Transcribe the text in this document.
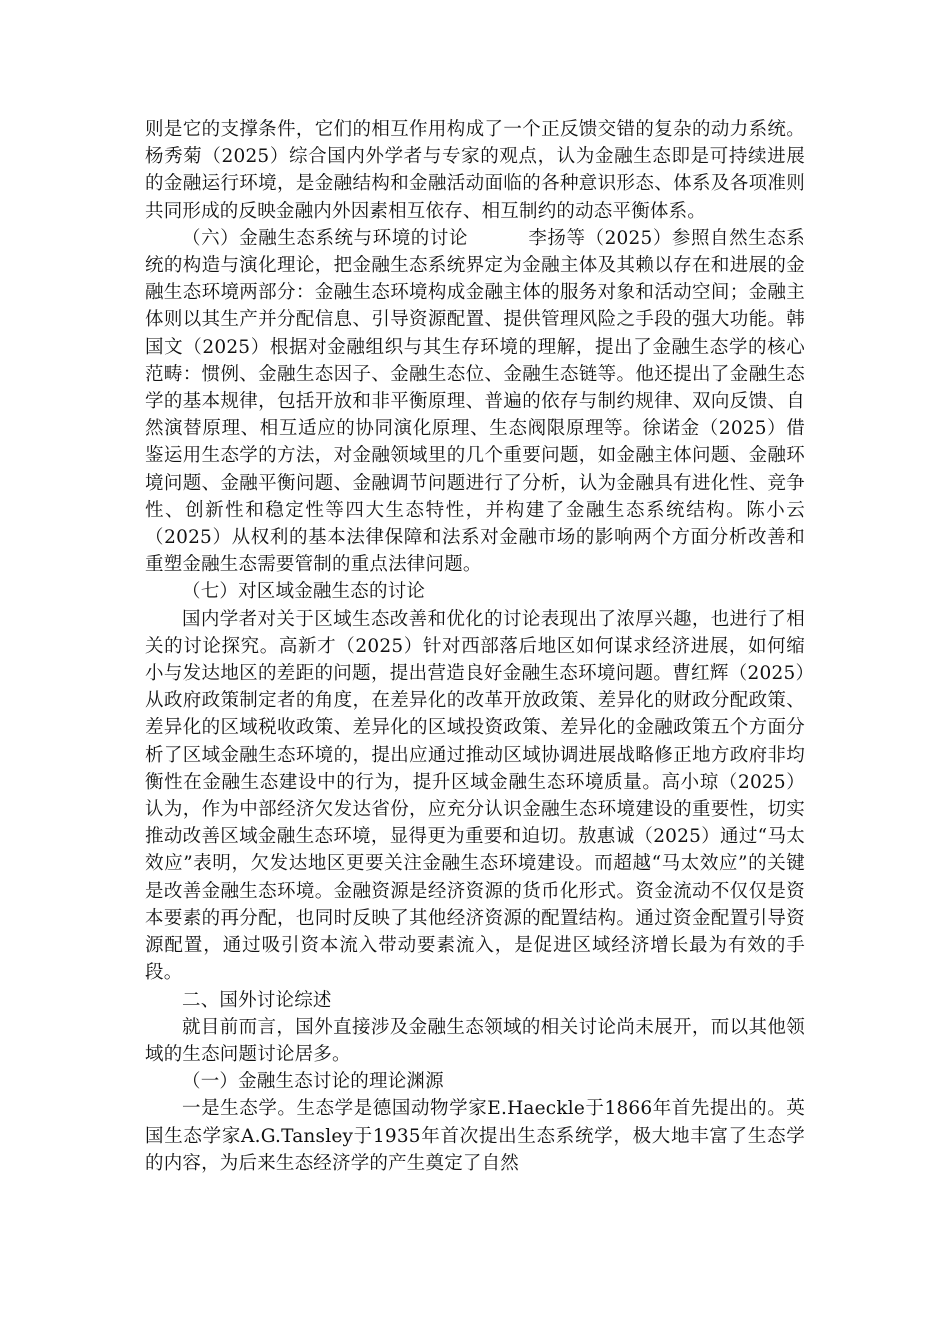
则是它的支撑条件，它们的相互作用构成了一个正反馈交错的复杂的动力系统。杨秀菊（2025）综合国内外学者与专家的观点，认为金融生态即是可持续进展的金融运行环境，是金融结构和金融活动面临的各种意识形态、体系及各项准则共同形成的反映金融内外因素相互依存、相互制约的动态平衡体系。

（六）金融生态系统与环境的讨论	李扬等（2025）参照自然生态系统的构造与演化理论，把金融生态系统界定为金融主体及其赖以存在和进展的金融生态环境两部分：金融生态环境构成金融主体的服务对象和活动空间；金融主体则以其生产并分配信息、引导资源配置、提供管理风险之手段的强大功能。韩国文（2025）根据对金融组织与其生存环境的理解，提出了金融生态学的核心范畴：惯例、金融生态因子、金融生态位、金融生态链等。他还提出了金融生态学的基本规律，包括开放和非平衡原理、普遍的依存与制约规律、双向反馈、自然演替原理、相互适应的协同演化原理、生态阀限原理等。徐诺金（2025）借鉴运用生态学的方法，对金融领域里的几个重要问题，如金融主体问题、金融环境问题、金融平衡问题、金融调节问题进行了分析，认为金融具有进化性、竞争性、创新性和稳定性等四大生态特性，并构建了金融生态系统结构。陈小云（2025）从权利的基本法律保障和法系对金融市场的影响两个方面分析改善和重塑金融生态需要管制的重点法律问题。

（七）对区域金融生态的讨论

国内学者对关于区域生态改善和优化的讨论表现出了浓厚兴趣，也进行了相关的讨论探究。高新才（2025）针对西部落后地区如何谋求经济进展，如何缩小与发达地区的差距的问题，提出营造良好金融生态环境问题。曹红辉（2025）从政府政策制定者的角度，在差异化的改革开放政策、差异化的财政分配政策、差异化的区域税收政策、差异化的区域投资政策、差异化的金融政策五个方面分析了区域金融生态环境的，提出应通过推动区域协调进展战略修正地方政府非均衡性在金融生态建设中的行为，提升区域金融生态环境质量。高小琼（2025）认为，作为中部经济欠发达省份，应充分认识金融生态环境建设的重要性，切实推动改善区域金融生态环境，显得更为重要和迫切。敖惠诚（2025）通过“马太效应”表明，欠发达地区更要关注金融生态环境建设。而超越“马太效应”的关键是改善金融生态环境。金融资源是经济资源的货币化形式。资金流动不仅仅是资本要素的再分配，也同时反映了其他经济资源的配置结构。通过资金配置引导资源配置，通过吸引资本流入带动要素流入，是促进区域经济增长最为有效的手段。

二、国外讨论综述

就目前而言，国外直接涉及金融生态领域的相关讨论尚未展开，而以其他领域的生态问题讨论居多。

（一）金融生态讨论的理论渊源

一是生态学。生态学是德国动物学家E.Haeckle于1866年首先提出的。英国生态学家A.G.Tansley于1935年首次提出生态系统学，极大地丰富了生态学的内容，为后来生态经济学的产生奠定了自然
